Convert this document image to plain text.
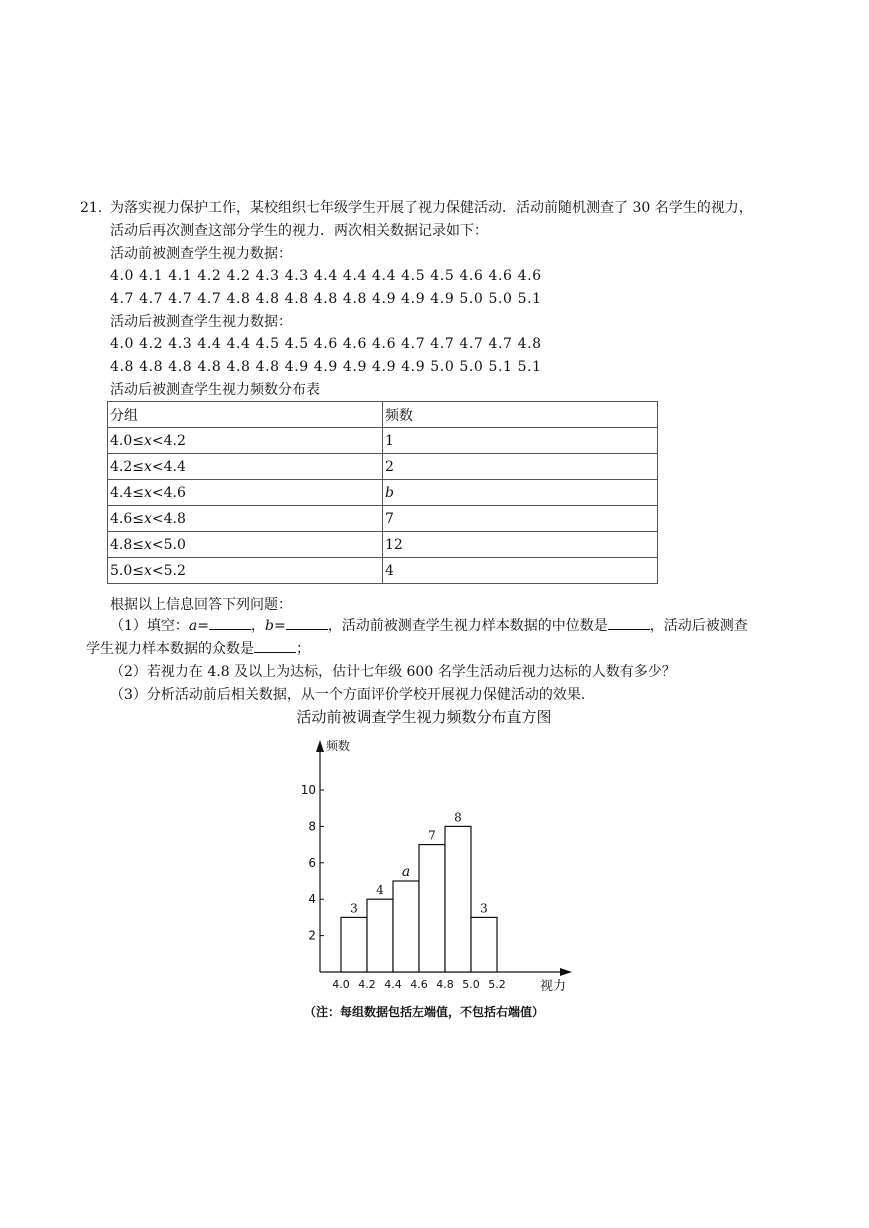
21. 为落实视力保护工作，某校组织七年级学生开展了视力保健活动．活动前随机测查了 30 名学生的视力，
活动后再次测查这部分学生的视力．两次相关数据记录如下：
活动前被测查学生视力数据：
4.0 4.1 4.1 4.2 4.2 4.3 4.3 4.4 4.4 4.4 4.5 4.5 4.6 4.6 4.6
4.7 4.7 4.7 4.7 4.8 4.8 4.8 4.8 4.8 4.9 4.9 4.9 5.0 5.0 5.1
活动后被测查学生视力数据：
4.0 4.2 4.3 4.4 4.4 4.5 4.5 4.6 4.6 4.6 4.7 4.7 4.7 4.7 4.8
4.8 4.8 4.8 4.8 4.8 4.8 4.9 4.9 4.9 4.9 4.9 5.0 5.0 5.1 5.1
活动后被测查学生视力频数分布表
分组	频数
4.0≤x<4.2	1
4.2≤x<4.4	2
4.4≤x<4.6	b
4.6≤x<4.8	7
4.8≤x<5.0	12
5.0≤x<5.2	4
根据以上信息回答下列问题：
（1）填空：a=	，b=	，活动前被测查学生视力样本数据的中位数是	，活动后被测查
学生视力样本数据的众数是	；
（2）若视力在 4.8 及以上为达标，估计七年级 600 名学生活动后视力达标的人数有多少？
（3）分析活动前后相关数据，从一个方面评价学校开展视力保健活动的效果．
活动前被调查学生视力频数分布直方图
频数
视力
2
4
6
8
10
4.0 4.2 4.4 4.6 4.8 5.0 5.2
3
4
a
7
8
3
（注：每组数据包括左端值，不包括右端值）
